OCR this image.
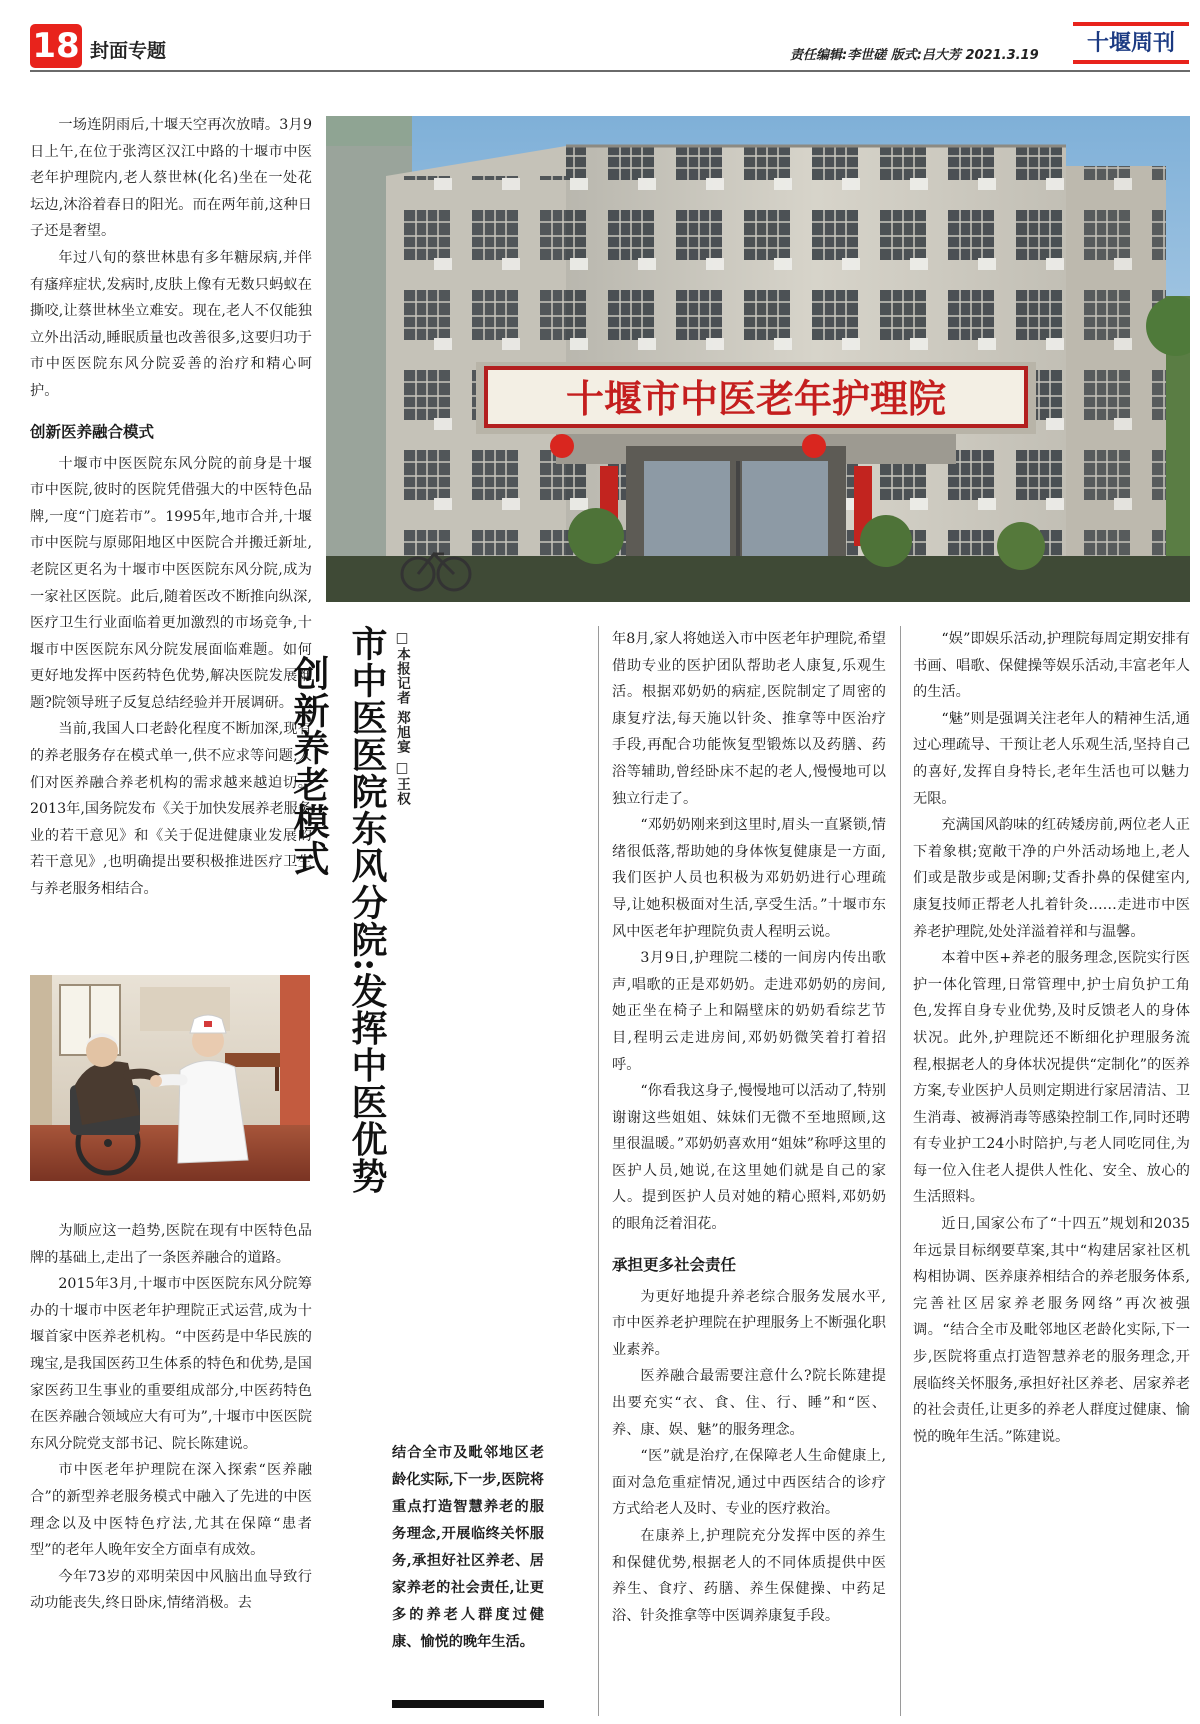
18 封面专题	责任编辑:李世磋 版式:吕大芳 2021.3.19	十堰周刊

一场连阴雨后,十堰天空再次放晴。3月9日上午,在位于张湾区汉江中路的十堰市中医老年护理院内,老人蔡世林(化名)坐在一处花坛边,沐浴着春日的阳光。而在两年前,这种日子还是奢望。

年过八旬的蔡世林患有多年糖尿病,并伴有瘙痒症状,发病时,皮肤上像有无数只蚂蚁在撕咬,让蔡世林坐立难安。现在,老人不仅能独立外出活动,睡眠质量也改善很多,这要归功于市中医医院东风分院妥善的治疗和精心呵护。

创新医养融合模式

十堰市中医医院东风分院的前身是十堰市中医院,彼时的医院凭借强大的中医特色品牌,一度“门庭若市”。1995年,地市合并,十堰市中医院与原郧阳地区中医院合并搬迁新址,老院区更名为十堰市中医医院东风分院,成为一家社区医院。此后,随着医改不断推向纵深,医疗卫生行业面临着更加激烈的市场竞争,十堰市中医医院东风分院发展面临难题。如何更好地发挥中医药特色优势,解决医院发展难题?院领导班子反复总结经验并开展调研。

当前,我国人口老龄化程度不断加深,现有的养老服务存在模式单一,供不应求等问题,人们对医养融合养老机构的需求越来越迫切。2013年,国务院发布《关于加快发展养老服务业的若干意见》和《关于促进健康业发展的若干意见》,也明确提出要积极推进医疗卫生与养老服务相结合。

为顺应这一趋势,医院在现有中医特色品牌的基础上,走出了一条医养融合的道路。

2015年3月,十堰市中医医院东风分院筹办的十堰市中医老年护理院正式运营,成为十堰首家中医养老机构。“中医药是中华民族的瑰宝,是我国医药卫生体系的特色和优势,是国家医药卫生事业的重要组成部分,中医药特色在医养融合领域应大有可为”,十堰市中医医院东风分院党支部书记、院长陈建说。

市中医老年护理院在深入探索“医养融合”的新型养老服务模式中融入了先进的中医理念以及中医特色疗法,尤其在保障“患者型”的老年人晚年安全方面卓有成效。

今年73岁的邓明荣因中风脑出血导致行动功能丧失,终日卧床,情绪消极。去

十堰市中医老年护理院
市中医医院东风分院:发挥中医优势
创新养老模式	□本报记者 郑旭宴 □王权
结合全市及毗邻地区老龄化实际,下一步,医院将重点打造智慧养老的服务理念,开展临终关怀服务,承担好社区养老、居家养老的社会责任,让更多的养老人群度过健康、愉悦的晚年生活。

年8月,家人将她送入市中医老年护理院,希望借助专业的医护团队帮助老人康复,乐观生活。根据邓奶奶的病症,医院制定了周密的康复疗法,每天施以针灸、推拿等中医治疗手段,再配合功能恢复型锻炼以及药膳、药浴等辅助,曾经卧床不起的老人,慢慢地可以独立行走了。

“邓奶奶刚来到这里时,眉头一直紧锁,情绪很低落,帮助她的身体恢复健康是一方面,我们医护人员也积极为邓奶奶进行心理疏导,让她积极面对生活,享受生活。”十堰市东风中医老年护理院负责人程明云说。

3月9日,护理院二楼的一间房内传出歌声,唱歌的正是邓奶奶。走进邓奶奶的房间,她正坐在椅子上和隔壁床的奶奶看综艺节目,程明云走进房间,邓奶奶微笑着打着招呼。

“你看我这身子,慢慢地可以活动了,特别谢谢这些姐姐、妹妹们无微不至地照顾,这里很温暖。”邓奶奶喜欢用“姐妹”称呼这里的医护人员,她说,在这里她们就是自己的家人。提到医护人员对她的精心照料,邓奶奶的眼角泛着泪花。

承担更多社会责任

为更好地提升养老综合服务发展水平,市中医养老护理院在护理服务上不断强化职业素养。

医养融合最需要注意什么?院长陈建提出要充实“衣、食、住、行、睡”和“医、养、康、娱、魅”的服务理念。

“医”就是治疗,在保障老人生命健康上,面对急危重症情况,通过中西医结合的诊疗方式给老人及时、专业的医疗救治。

在康养上,护理院充分发挥中医的养生和保健优势,根据老人的不同体质提供中医养生、食疗、药膳、养生保健操、中药足浴、针灸推拿等中医调养康复手段。

“娱”即娱乐活动,护理院每周定期安排有书画、唱歌、保健操等娱乐活动,丰富老年人的生活。

“魅”则是强调关注老年人的精神生活,通过心理疏导、干预让老人乐观生活,坚持自己的喜好,发挥自身特长,老年生活也可以魅力无限。

充满国风韵味的红砖矮房前,两位老人正下着象棋;宽敞干净的户外活动场地上,老人们或是散步或是闲聊;艾香扑鼻的保健室内,康复技师正帮老人扎着针灸……走进市中医养老护理院,处处洋溢着祥和与温馨。

本着中医+养老的服务理念,医院实行医护一体化管理,日常管理中,护士肩负护工角色,发挥自身专业优势,及时反馈老人的身体状况。此外,护理院还不断细化护理服务流程,根据老人的身体状况提供“定制化”的医养方案,专业医护人员则定期进行家居清洁、卫生消毒、被褥消毒等感染控制工作,同时还聘有专业护工24小时陪护,与老人同吃同住,为每一位入住老人提供人性化、安全、放心的生活照料。

近日,国家公布了“十四五”规划和2035年远景目标纲要草案,其中“构建居家社区机构相协调、医养康养相结合的养老服务体系,完善社区居家养老服务网络”再次被强调。“结合全市及毗邻地区老龄化实际,下一步,医院将重点打造智慧养老的服务理念,开展临终关怀服务,承担好社区养老、居家养老的社会责任,让更多的养老人群度过健康、愉悦的晚年生活。”陈建说。
